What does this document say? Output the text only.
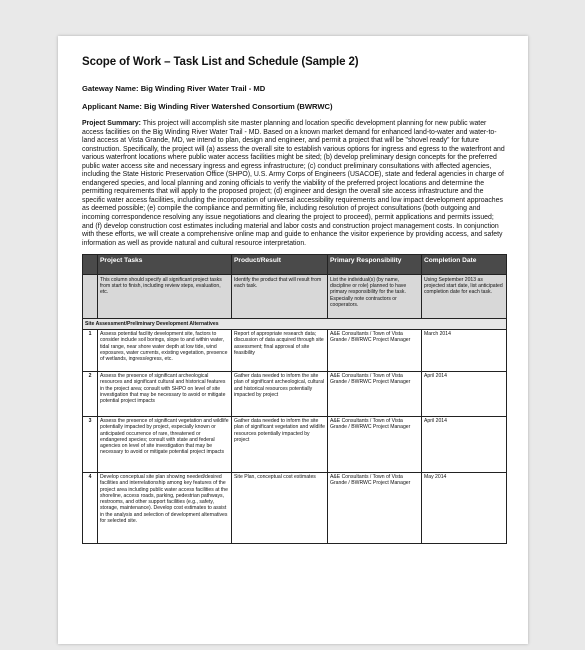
Scope of Work – Task List and Schedule (Sample 2)
Gateway Name: Big Winding River Water Trail - MD
Applicant Name: Big Winding River Watershed Consortium (BWRWC)
Project Summary: This project will accomplish site master planning and location specific development planning for new public water access facilities on the Big Winding River Water Trail - MD. Based on a known market demand for enhanced land-to-water and water-to-land access at Vista Grande, MD, we intend to plan, design and engineer, and permit a project that will be "shovel ready" for future construction. Specifically, the project will (a) assess the overall site to establish various options for ingress and egress to the waterfront and various waterfront locations where public water access facilities might be sited; (b) develop preliminary design concepts for the preferred public water access site and necessary ingress and egress infrastructure; (c) conduct preliminary consultations with affected agencies, including the State Historic Preservation Office (SHPO), U.S. Army Corps of Engineers (USACOE), state and federal agencies in charge of endangered species, and local planning and zoning officials to verify the viability of the preferred project locations and determine the permitting requirements that will apply to the proposed project; (d) engineer and design the overall site access infrastructure and the specific water access facilities, including the incorporation of universal accessibility requirements and low impact development approaches as deemed possible; (e) compile the compliance and permitting file, including resolution of project consultations (both outgoing and incoming correspondence resolving any issue negotiations and clearing the project to proceed), permit applications and permits issued; and (f) develop construction cost estimates including material and labor costs and construction project management costs. In conjunction with these efforts, we will create a comprehensive online map and guide to enhance the visitor experience by providing access, and safety information as well as provide natural and cultural resource interpretation.
	Project Tasks	Product/Result	Primary Responsibility	Completion Date
	This column should specify all significant project tasks from start to finish, including review steps, evaluation, etc.	Identify the product that will result from each task.	List the individual(s) (by name, discipline or role) planned to have primary responsibility for the task. Especially note contractors or cooperators.	Using September 2013 as projected start date, list anticipated completion date for each task.
Site Assessment/Preliminary Development Alternatives				
1	Assess potential facility development site, factors to consider include soil borings, slope to and within water, tidal range, near shore water depth at low tide, wind exposures, water currents, existing vegetation, presence of wetlands, ingress/egress, etc.	Report of appropriate research data; discussion of data acquired through site assessment; final approval of site feasibility	A&E Consultants / Town of Vista Grande / BWRWC Project Manager	March 2014
2	Assess the presence of significant archeological resources and significant cultural and historical features in the project area; consult with SHPO on level of site investigation that may be necessary to avoid or mitigate potential project impacts	Gather data needed to inform the site plan of significant archeological, cultural and historical resources potentially impacted by project	A&E Consultants / Town of Vista Grande / BWRWC Project Manager	April 2014
3	Assess the presence of significant vegetation and wildlife potentially impacted by project, especially known or anticipated occurrence of rare, threatened or endangered species; consult with state and federal agencies on level of site investigation that may be necessary to avoid or mitigate potential project impacts	Gather data needed to inform the site plan of significant vegetation and wildlife resources potentially impacted by project	A&E Consultants / Town of Vista Grande / BWRWC Project Manager	April 2014
4	Develop conceptual site plan showing needed/desired facilities and interrelationship among key features of the project area including public water access facilities at the shoreline, access roads, parking, pedestrian pathways, restrooms, and other support facilities (e.g., safety, storage, maintenance). Develop cost estimates to assist in the analysis and selection of development alternatives for selected site.	Site Plan, conceptual cost estimates	A&E Consultants / Town of Vista Grande / BWRWC Project Manager	May 2014
